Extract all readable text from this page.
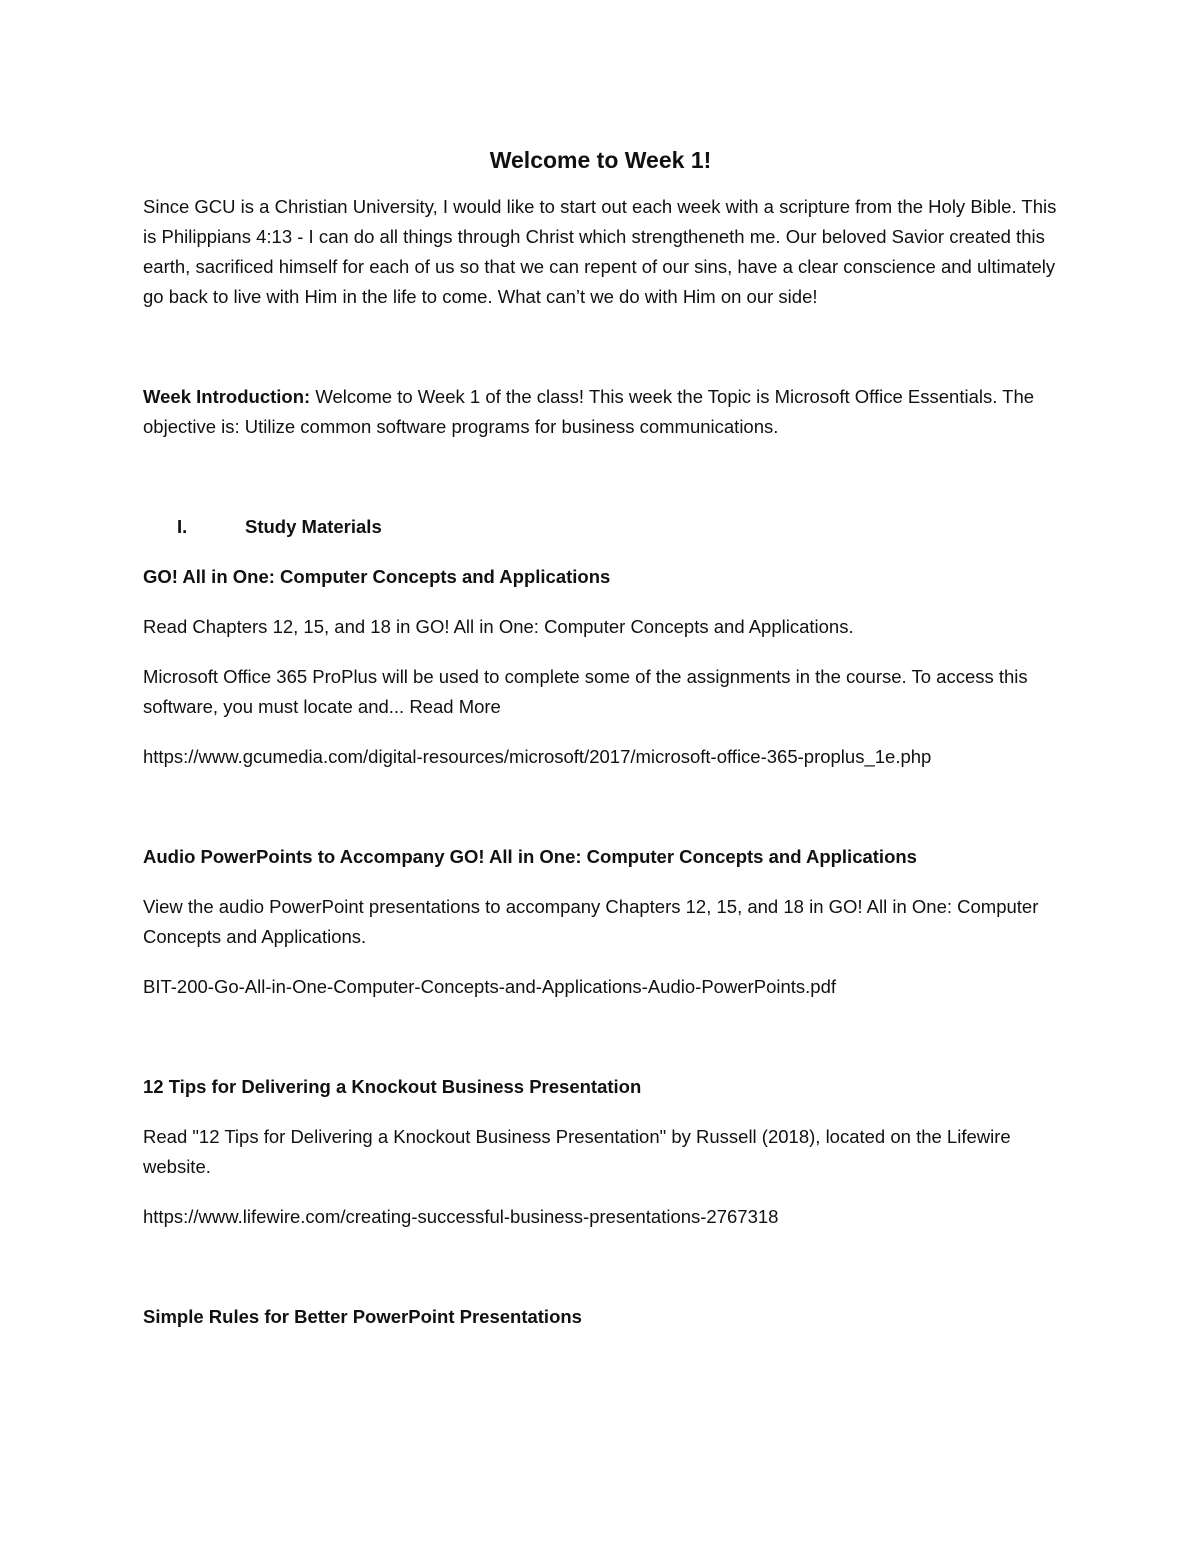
Welcome to Week 1!

Since GCU is a Christian University, I would like to start out each week with a scripture from the Holy Bible. This is Philippians 4:13 - I can do all things through Christ which strengtheneth me. Our beloved Savior created this earth, sacrificed himself for each of us so that we can repent of our sins, have a clear conscience and ultimately go back to live with Him in the life to come. What can’t we do with Him on our side!

Week Introduction: Welcome to Week 1 of the class! This week the Topic is Microsoft Office Essentials. The objective is: Utilize common software programs for business communications.

I.	Study Materials

GO! All in One: Computer Concepts and Applications

Read Chapters 12, 15, and 18 in GO! All in One: Computer Concepts and Applications.

Microsoft Office 365 ProPlus will be used to complete some of the assignments in the course. To access this software, you must locate and... Read More

https://www.gcumedia.com/digital-resources/microsoft/2017/microsoft-office-365-proplus_1e.php

Audio PowerPoints to Accompany GO! All in One: Computer Concepts and Applications

View the audio PowerPoint presentations to accompany Chapters 12, 15, and 18 in GO! All in One: Computer Concepts and Applications.

BIT-200-Go-All-in-One-Computer-Concepts-and-Applications-Audio-PowerPoints.pdf

12 Tips for Delivering a Knockout Business Presentation

Read "12 Tips for Delivering a Knockout Business Presentation" by Russell (2018), located on the Lifewire website.

https://www.lifewire.com/creating-successful-business-presentations-2767318

Simple Rules for Better PowerPoint Presentations
